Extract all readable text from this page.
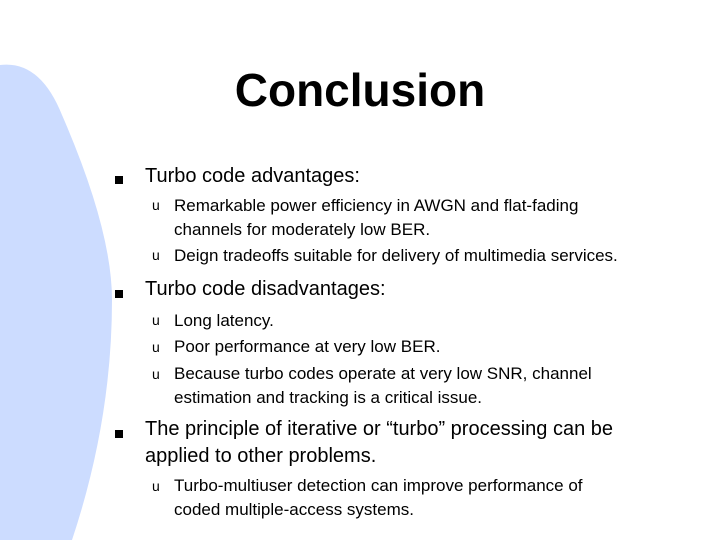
Conclusion
Turbo code advantages:
u Remarkable power efficiency in AWGN and flat-fading
channels for moderately low BER.
u Deign tradeoffs suitable for delivery of multimedia services.
Turbo code disadvantages:
u Long latency.
u Poor performance at very low BER.
u Because turbo codes operate at very low SNR, channel
estimation and tracking is a critical issue.
The principle of iterative or “turbo” processing can be
applied to other problems.
u Turbo-multiuser detection can improve performance of
coded multiple-access systems.
